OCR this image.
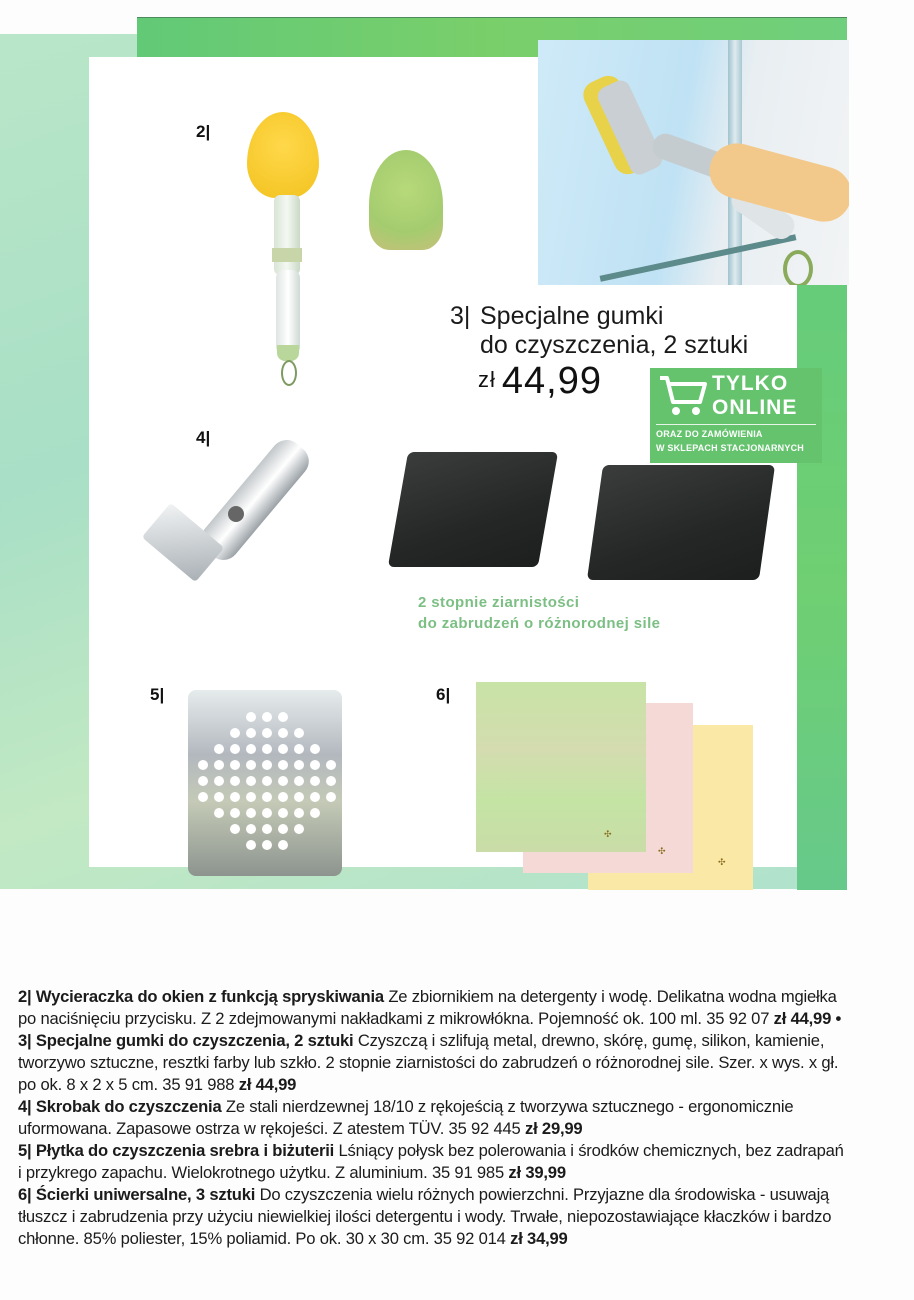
2|
3| Specjalne gumki
do czyszczenia, 2 sztuki
zł 44,99	TYLKO
ONLINE
ORAZ DO ZAMÓWIENIA
W SKLEPACH STACJONARNYCH
4|
2 stopnie ziarnistości
do zabrudzeń o różnorodnej sile
5|	6|
✣
✣
✣
2| Wycieraczka do okien z funkcją spryskiwania Ze zbiornikiem na detergenty i wodę. Delikatna wodna mgiełka po naciśnięciu przycisku. Z 2 zdejmowanymi nakładkami z mikrowłókna. Pojemność ok. 100 ml. 35 92 07 zł 44,99 • 3| Specjalne gumki do czyszczenia, 2 sztuki Czyszczą i szlifują metal, drewno, skórę, gumę, silikon, kamienie, tworzywo sztuczne, resztki farby lub szkło. 2 stopnie ziarnistości do zabrudzeń o różnorodnej sile. Szer. x wys. x gł. po ok. 8 x 2 x 5 cm. 35 91 988 zł 44,99
4| Skrobak do czyszczenia Ze stali nierdzewnej 18/10 z rękojeścią z tworzywa sztucznego - ergonomicznie uformowana. Zapasowe ostrza w rękojeści. Z atestem TÜV. 35 92 445 zł 29,99
5| Płytka do czyszczenia srebra i biżuterii Lśniący połysk bez polerowania i środków chemicznych, bez zadrapań i przykrego zapachu. Wielokrotnego użytku. Z aluminium. 35 91 985 zł 39,99
6| Ścierki uniwersalne, 3 sztuki Do czyszczenia wielu różnych powierzchni. Przyjazne dla środowiska - usuwają tłuszcz i zabrudzenia przy użyciu niewielkiej ilości detergentu i wody. Trwałe, niepozostawiające kłaczków i bardzo chłonne. 85% poliester, 15% poliamid. Po ok. 30 x 30 cm. 35 92 014 zł 34,99
